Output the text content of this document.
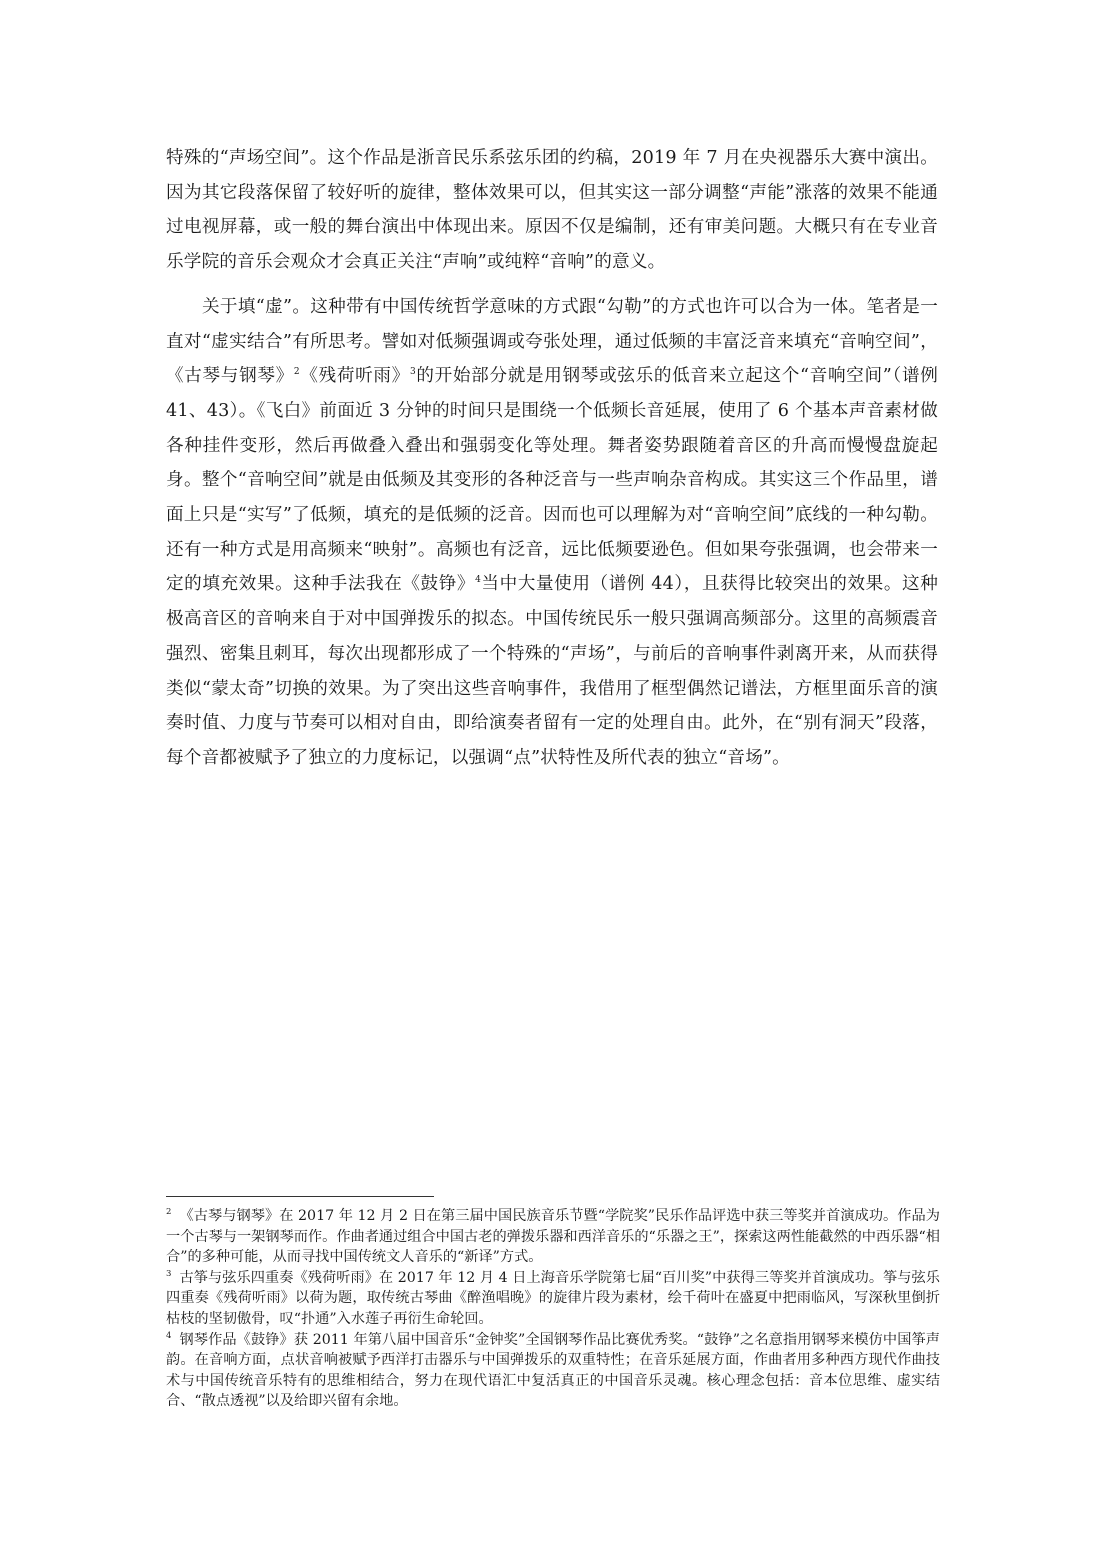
特殊的“声场空间”。这个作品是浙音民乐系弦乐团的约稿，2019 年 7 月在央视器乐大赛中演出。因为其它段落保留了较好听的旋律，整体效果可以，但其实这一部分调整“声能”涨落的效果不能通过电视屏幕，或一般的舞台演出中体现出来。原因不仅是编制，还有审美问题。大概只有在专业音乐学院的音乐会观众才会真正关注“声响”或纯粹“音响”的意义。

关于填“虚”。这种带有中国传统哲学意味的方式跟“勾勒”的方式也许可以合为一体。笔者是一直对“虚实结合”有所思考。譬如对低频强调或夸张处理，通过低频的丰富泛音来填充“音响空间”，《古琴与钢琴》$^2$《残荷听雨》$^3$的开始部分就是用钢琴或弦乐的低音来立起这个“音响空间”（谱例 41、43）。《飞白》前面近 3 分钟的时间只是围绕一个低频长音延展，使用了 6 个基本声音素材做各种挂件变形，然后再做叠入叠出和强弱变化等处理。舞者姿势跟随着音区的升高而慢慢盘旋起身。整个“音响空间”就是由低频及其变形的各种泛音与一些声响杂音构成。其实这三个作品里，谱面上只是“实写”了低频，填充的是低频的泛音。因而也可以理解为对“音响空间”底线的一种勾勒。还有一种方式是用高频来“映射”。高频也有泛音，远比低频要逊色。但如果夸张强调，也会带来一定的填充效果。这种手法我在《鼓铮》$^4$当中大量使用（谱例 44），且获得比较突出的效果。这种极高音区的音响来自于对中国弹拨乐的拟态。中国传统民乐一般只强调高频部分。这里的高频震音强烈、密集且刺耳，每次出现都形成了一个特殊的“声场”，与前后的音响事件剥离开来，从而获得类似“蒙太奇”切换的效果。为了突出这些音响事件，我借用了框型偶然记谱法，方框里面乐音的演奏时值、力度与节奏可以相对自由，即给演奏者留有一定的处理自由。此外，在“别有洞天”段落，每个音都被赋予了独立的力度标记，以强调“点”状特性及所代表的独立“音场”。

$^2$ 《古琴与钢琴》在 2017 年 12 月 2 日在第三届中国民族音乐节暨“学院奖”民乐作品评选中获三等奖并首演成功。作品为一个古琴与一架钢琴而作。作曲者通过组合中国古老的弹拨乐器和西洋音乐的“乐器之王”，探索这两性能截然的中西乐器“相合”的多种可能，从而寻找中国传统文人音乐的“新译”方式。

$^3$ 古筝与弦乐四重奏《残荷听雨》在 2017 年 12 月 4 日上海音乐学院第七届“百川奖”中获得三等奖并首演成功。筝与弦乐四重奏《残荷听雨》以荷为题，取传统古琴曲《醉渔唱晚》的旋律片段为素材，绘千荷叶在盛夏中把雨临风，写深秋里倒折枯枝的坚韧傲骨，叹“扑通”入水莲子再衍生命轮回。

$^4$ 钢琴作品《鼓铮》获 2011 年第八届中国音乐“金钟奖”全国钢琴作品比赛优秀奖。“鼓铮”之名意指用钢琴来模仿中国筝声韵。在音响方面，点状音响被赋予西洋打击器乐与中国弹拨乐的双重特性；在音乐延展方面，作曲者用多种西方现代作曲技术与中国传统音乐特有的思维相结合，努力在现代语汇中复活真正的中国音乐灵魂。核心理念包括：音本位思维、虚实结合、“散点透视”以及给即兴留有余地。
